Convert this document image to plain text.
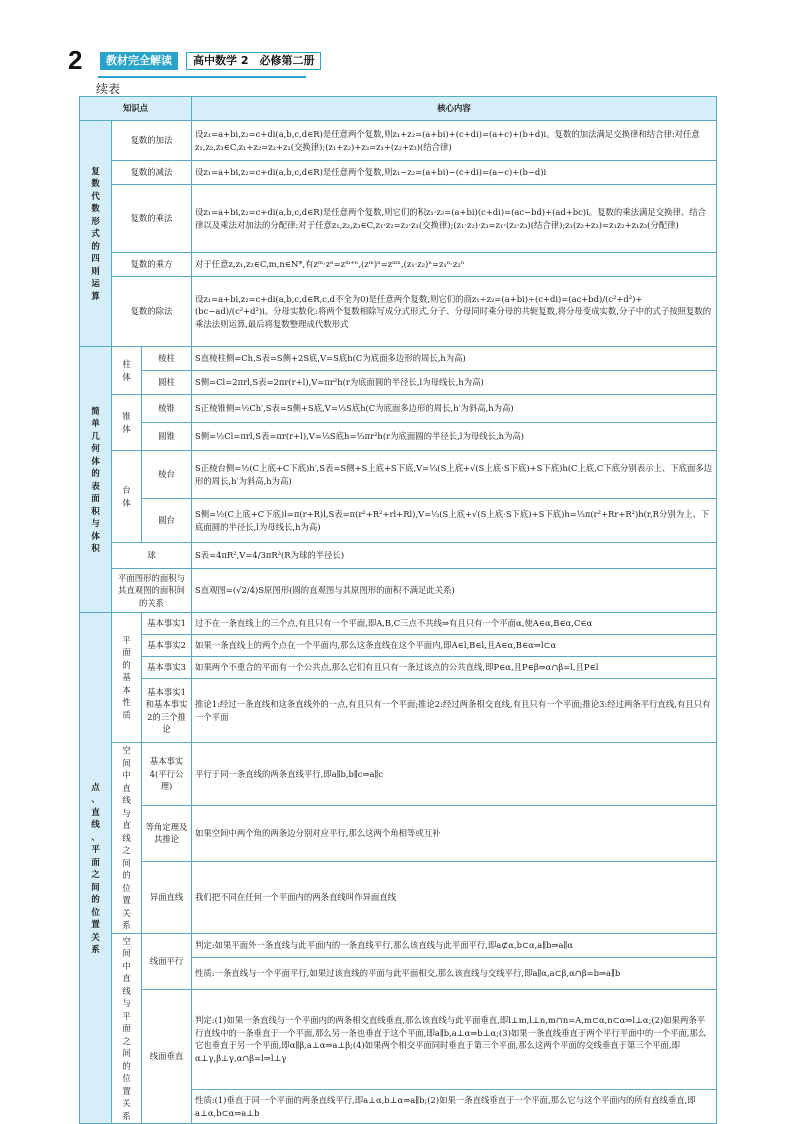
2	教材完全解读	高中数学 2　必修第二册
续表
知识点			核心内容

复数代数形式的四则运算	复数的加法		设z₁=a+bi,z₂=c+di(a,b,c,d∈R)是任意两个复数,则z₁+z₂=(a+bi)+(c+di)=(a+c)+(b+d)i。复数的加法满足交换律和结合律:对任意z₁,z₂,z₃∈C,z₁+z₂=z₂+z₁(交换律);(z₁+z₂)+z₃=z₁+(z₂+z₃)(结合律)
	复数的减法		设z₁=a+bi,z₂=c+di(a,b,c,d∈R)是任意两个复数,则z₁−z₂=(a+bi)−(c+di)=(a−c)+(b−d)i
	复数的乘法		设z₁=a+bi,z₂=c+di(a,b,c,d∈R)是任意两个复数,则它们的积z₁·z₂=(a+bi)(c+di)=(ac−bd)+(ad+bc)i。复数的乘法满足交换律、结合律以及乘法对加法的分配律:对于任意z₁,z₂,z₃∈C,z₁·z₂=z₂·z₁(交换律);(z₁·z₂)·z₃=z₁·(z₂·z₃)(结合律);z₁(z₂+z₃)=z₁z₂+z₁z₃(分配律)
	复数的乘方		对于任意z,z₁,z₂∈C,m,n∈N*,有zᵐ·zⁿ=zᵐ⁺ⁿ,(zᵐ)ⁿ=zᵐⁿ,(z₁·z₂)ⁿ=z₁ⁿ·z₂ⁿ
	复数的除法		设z₁=a+bi,z₂=c+di(a,b,c,d∈R,c,d不全为0)是任意两个复数,则它们的商z₁÷z₂=(a+bi)÷(c+di)=(ac+bd)/(c²+d²)+(bc−ad)/(c²+d²)i。分母实数化:将两个复数相除写成分式形式,分子、分母同时乘分母的共轭复数,将分母变成实数,分子中的式子按照复数的乘法法则运算,最后将复数整理成代数形式

简单几何体的表面积与体积	柱体	棱柱	S直棱柱侧=Ch,S表=S侧+2S底,V=S底h(C为底面多边形的周长,h为高)
		圆柱	S侧=Cl=2πrl,S表=2πr(r+l),V=πr²h(r为底面圆的半径长,l为母线长,h为高)

	锥体	棱锥	S正棱锥侧=½Ch′,S表=S侧+S底,V=⅓S底h(C为底面多边形的周长,h′为斜高,h为高)
		圆锥	S侧=½Cl=πrl,S表=πr(r+l),V=⅓S底h=⅓πr²h(r为底面圆的半径长,l为母线长,h为高)

	台体	棱台	S正棱台侧=½(C上底+C下底)h′,S表=S侧+S上底+S下底,V=⅓(S上底+√(S上底·S下底)+S下底)h(C上底,C下底分别表示上、下底面多边形的周长,h′为斜高,h为高)
		圆台	S侧=½(C上底+C下底)l=π(r+R)l,S表=π(r²+R²+rl+Rl),V=⅓(S上底+√(S上底·S下底)+S下底)h=⅓π(r²+Rr+R²)h(r,R分别为上、下底面圆的半径长,l为母线长,h为高)
	球		S表=4πR²,V=4/3πR³(R为球的半径长)
	平面图形的面积与其直观图的面积间的关系		S直观图=(√2/4)S原图形(圆的直观图与其原图形的面积不满足此关系)

点、直线、平面之间的位置关系	平面的基本性质	基本事实1	过不在一条直线上的三个点,有且只有一个平面,即A,B,C三点不共线⇒有且只有一个平面α,使A∈α,B∈α,C∈α
		基本事实2	如果一条直线上的两个点在一个平面内,那么这条直线在这个平面内,即A∈l,B∈l,且A∈α,B∈α⇒l⊂α
		基本事实3	如果两个不重合的平面有一个公共点,那么它们有且只有一条过该点的公共直线,即P∈α,且P∈β⇒α∩β=l,且P∈l
		基本事实1和基本事实2的三个推论	推论1:经过一条直线和这条直线外的一点,有且只有一个平面;推论2:经过两条相交直线,有且只有一个平面;推论3:经过两条平行直线,有且只有一个平面

	空间中直线与直线之间的位置关系	基本事实4(平行公理)	平行于同一条直线的两条直线平行,即a∥b,b∥c⇒a∥c
		等角定理及其推论	如果空间中两个角的两条边分别对应平行,那么这两个角相等或互补
		异面直线	我们把不同在任何一个平面内的两条直线叫作异面直线

	空间中直线与平面之间的位置关系	线面平行	判定:如果平面外一条直线与此平面内的一条直线平行,那么该直线与此平面平行,即a⊄α,b⊂α,a∥b⇒a∥α
			性质:一条直线与一个平面平行,如果过该直线的平面与此平面相交,那么该直线与交线平行,即a∥α,a⊂β,α∩β=b⇒a∥b
		线面垂直	判定:(1)如果一条直线与一个平面内的两条相交直线垂直,那么该直线与此平面垂直,即l⊥m,l⊥n,m∩n=A,m⊂α,n⊂α⇒l⊥α;(2)如果两条平行直线中的一条垂直于一个平面,那么另一条也垂直于这个平面,即a∥b,a⊥α⇒b⊥α;(3)如果一条直线垂直于两个平行平面中的一个平面,那么它也垂直于另一个平面,即α∥β,a⊥α⇒a⊥β;(4)如果两个相交平面同时垂直于第三个平面,那么这两个平面的交线垂直于第三个平面,即α⊥γ,β⊥γ,α∩β=l⇒l⊥γ
			性质:(1)垂直于同一个平面的两条直线平行,即a⊥α,b⊥α⇒a∥b;(2)如果一条直线垂直于一个平面,那么它与这个平面内的所有直线垂直,即a⊥α,b⊂α⇒a⊥b
